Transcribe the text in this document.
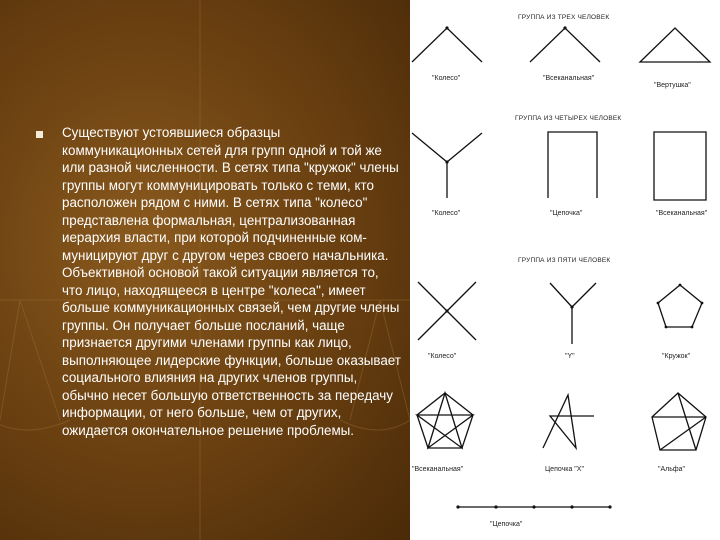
Существуют устоявшиеся образцы коммуникационных сетей для групп одной и той же или разной численности. В сетях типа "кружок" члены группы могут коммуницировать только с теми, кто расположен рядом с ними. В сетях типа "колесо" представлена формальная, централизованная иерархия власти, при которой подчиненные ком- муницируют друг с другом через своего начальника. Объективной основой такой ситуации является то, что лицо, находящееся в центре "колеса", имеет больше коммуникационных связей, чем другие члены группы. Он получает больше посланий, чаще признается другими членами группы как лицо, выполняющее лидерские функции, больше оказывает социального влияния на других членов группы, обычно несет большую ответственность за передачу информации, от него больше, чем от других, ожидается окончательное решение проблемы.

ГРУППА ИЗ ТРЕХ ЧЕЛОВЕК
"Колесо"	"Всеканальная"
"Вертушка"
ГРУППА ИЗ ЧЕТЫРЕХ ЧЕЛОВЕК
"Колесо"	"Цепочка"	"Всеканальная"
ГРУППА ИЗ ПЯТИ ЧЕЛОВЕК
"Колесо"	"Y"	"Кружок"
"Всеканальная"	Цепочка "X"	"Альфа"
"Цепочка"
